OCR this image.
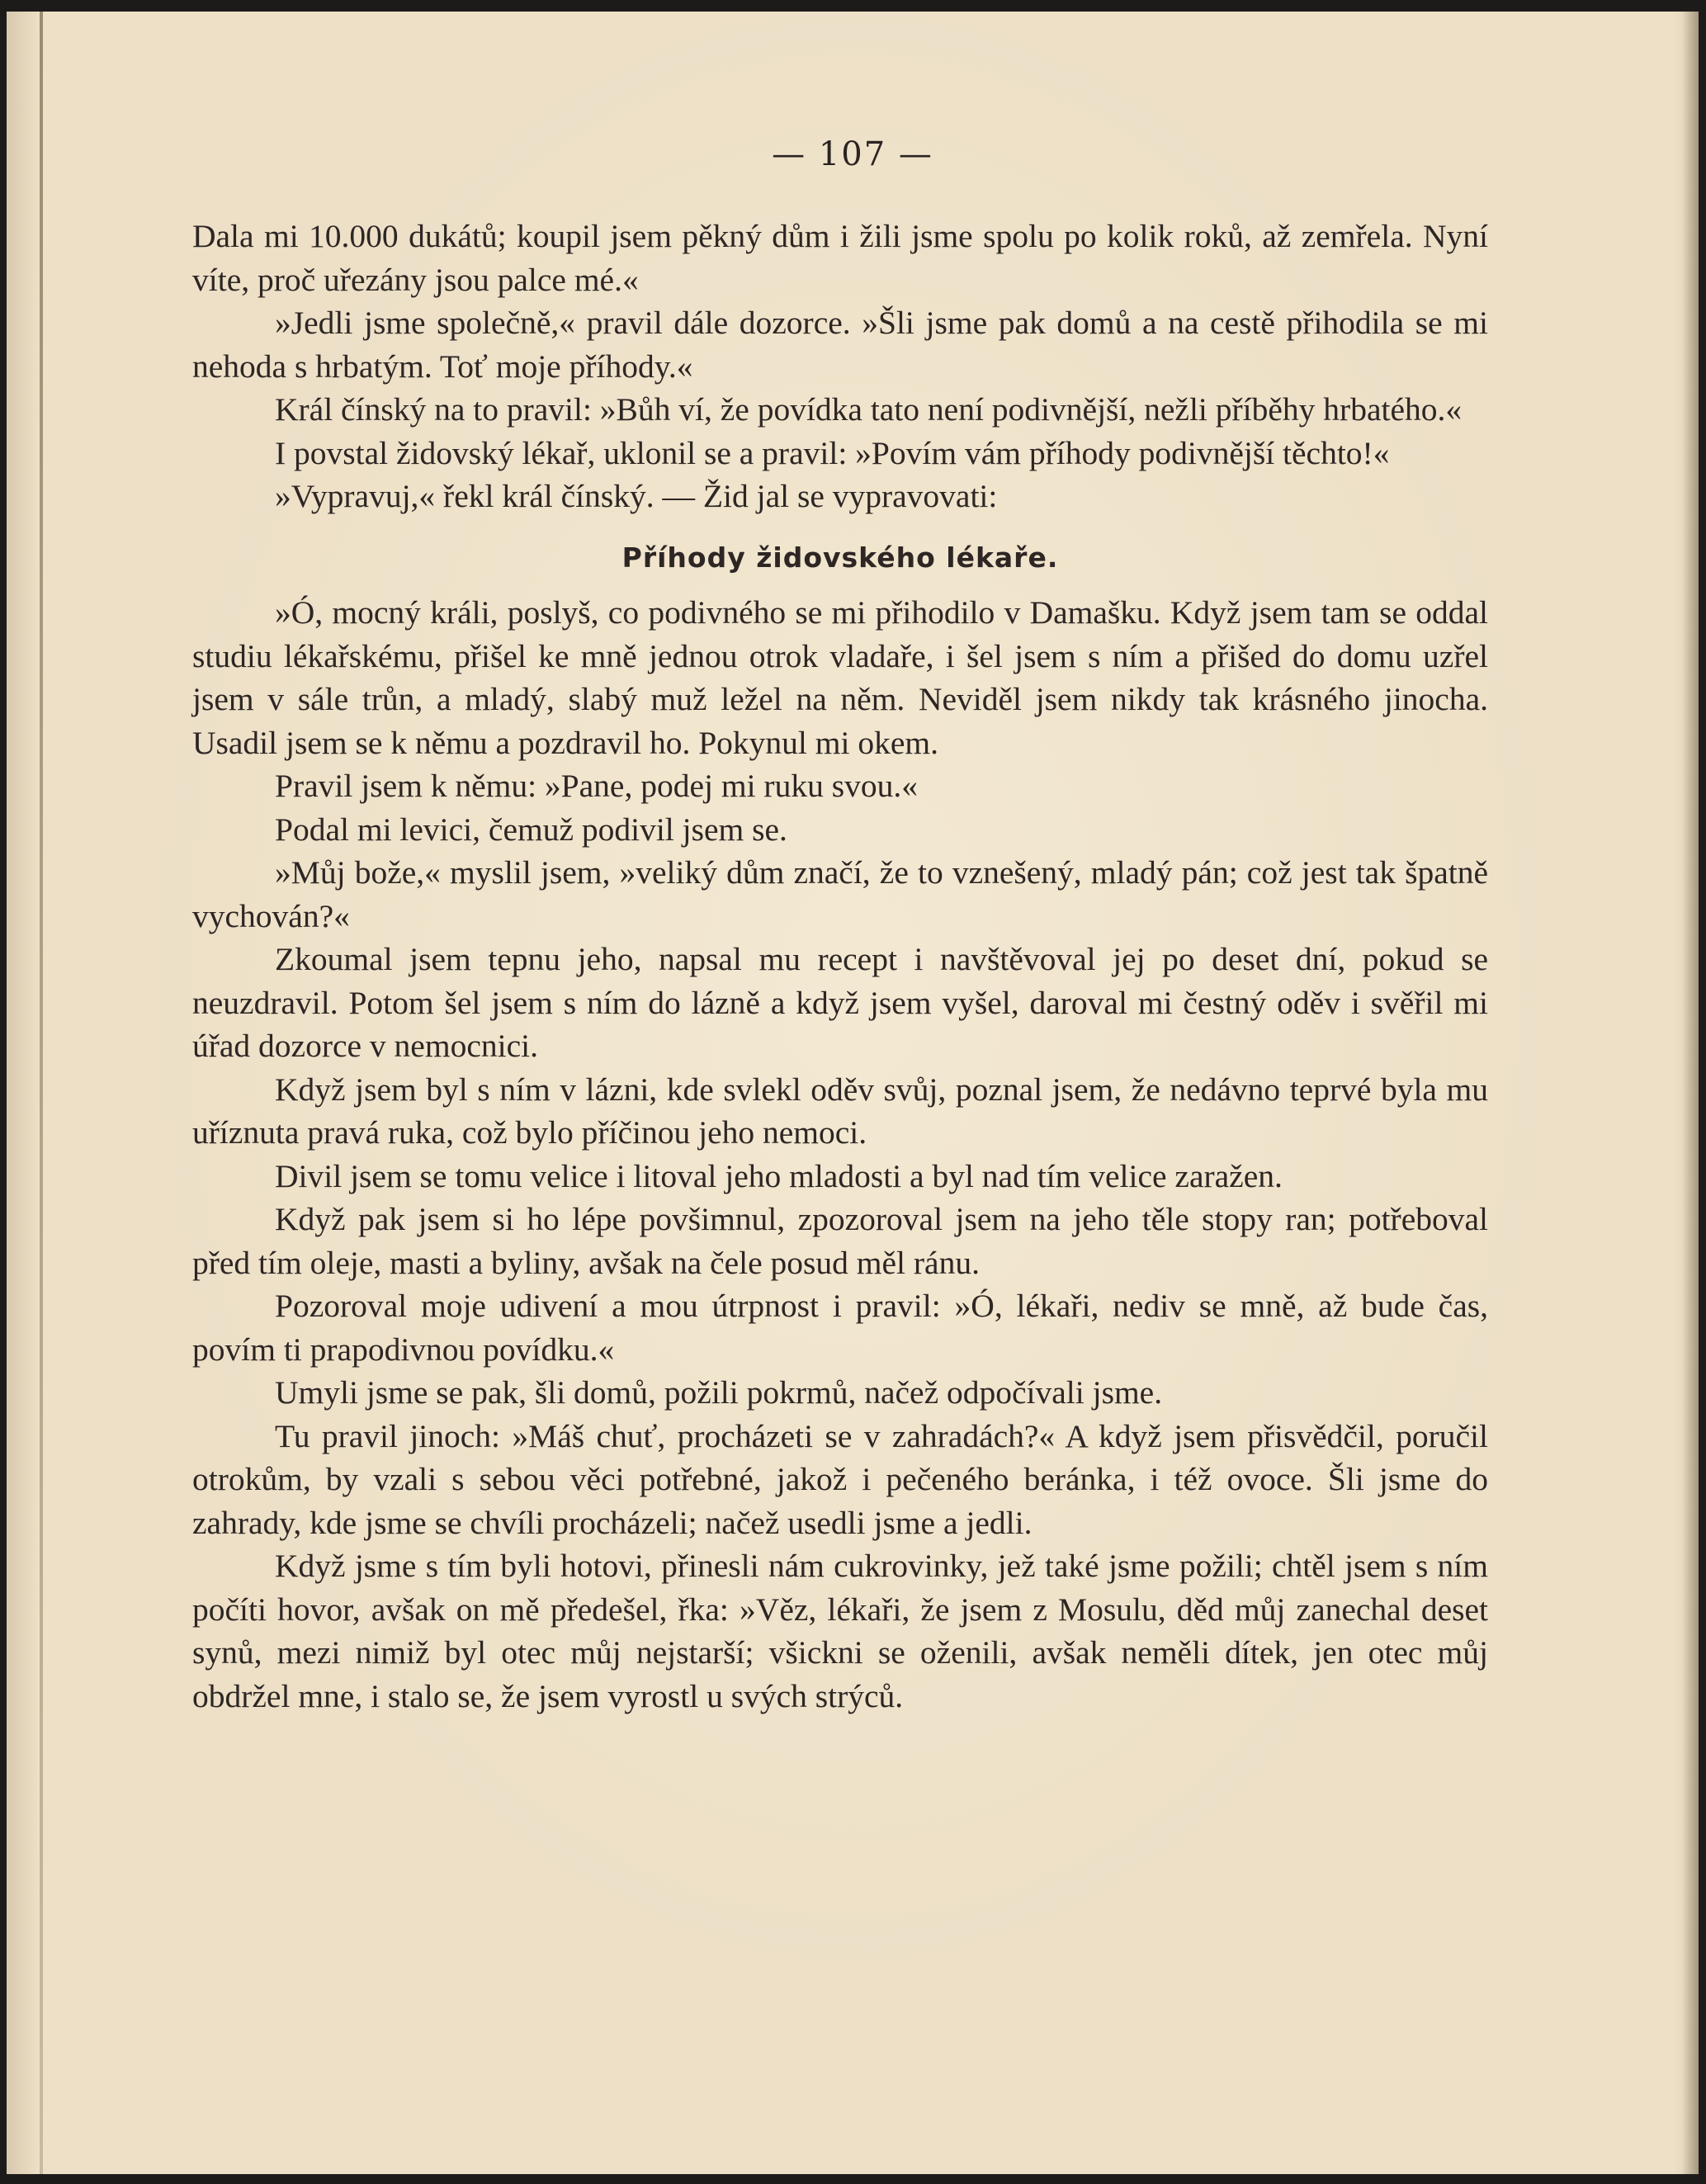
— 107 —

Dala mi 10.000 dukátů; koupil jsem pěkný dům i žili jsme spolu po kolik roků, až zemřela. Nyní víte, proč uřezány jsou palce mé.«

»Jedli jsme společně,« pravil dále dozorce. »Šli jsme pak domů a na cestě přihodila se mi nehoda s hrbatým. Toť moje příhody.«

Král čínský na to pravil: »Bůh ví, že povídka tato není podivnější, nežli příběhy hrbatého.«

I povstal židovský lékař, uklonil se a pravil: »Povím vám příhody podivnější těchto!«

»Vypravuj,« řekl král čínský. — Žid jal se vypravovati:

Příhody židovského lékaře.

»Ó, mocný králi, poslyš, co podivného se mi přihodilo v Damašku. Když jsem tam se oddal studiu lékařskému, přišel ke mně jednou otrok vladaře, i šel jsem s ním a přišed do domu uzřel jsem v sále trůn, a mladý, slabý muž ležel na něm. Neviděl jsem nikdy tak krásného jinocha. Usadil jsem se k němu a pozdravil ho. Pokynul mi okem.

Pravil jsem k němu: »Pane, podej mi ruku svou.«

Podal mi levici, čemuž podivil jsem se.

»Můj bože,« myslil jsem, »veliký dům značí, že to vznešený, mladý pán; což jest tak špatně vychován?«

Zkoumal jsem tepnu jeho, napsal mu recept i navštěvoval jej po deset dní, pokud se neuzdravil. Potom šel jsem s ním do lázně a když jsem vyšel, daroval mi čestný oděv i svěřil mi úřad dozorce v nemocnici.

Když jsem byl s ním v lázni, kde svlekl oděv svůj, poznal jsem, že nedávno teprvé byla mu uříznuta pravá ruka, což bylo příčinou jeho nemoci.

Divil jsem se tomu velice i litoval jeho mladosti a byl nad tím velice zaražen.

Když pak jsem si ho lépe povšimnul, zpozoroval jsem na jeho těle stopy ran; potřeboval před tím oleje, masti a byliny, avšak na čele posud měl ránu.

Pozoroval moje udivení a mou útrpnost i pravil: »Ó, lékaři, nediv se mně, až bude čas, povím ti prapodivnou povídku.«

Umyli jsme se pak, šli domů, požili pokrmů, načež odpočívali jsme.

Tu pravil jinoch: »Máš chuť, procházeti se v zahradách?« A když jsem přisvědčil, poručil otrokům, by vzali s sebou věci potřebné, jakož i pečeného beránka, i též ovoce. Šli jsme do zahrady, kde jsme se chvíli procházeli; načež usedli jsme a jedli.

Když jsme s tím byli hotovi, přinesli nám cukrovinky, jež také jsme požili; chtěl jsem s ním počíti hovor, avšak on mě předešel, řka: »Věz, lékaři, že jsem z Mosulu, děd můj zanechal deset synů, mezi nimiž byl otec můj nejstarší; všickni se oženili, avšak neměli dítek, jen otec můj obdržel mne, i stalo se, že jsem vyrostl u svých strýců.
